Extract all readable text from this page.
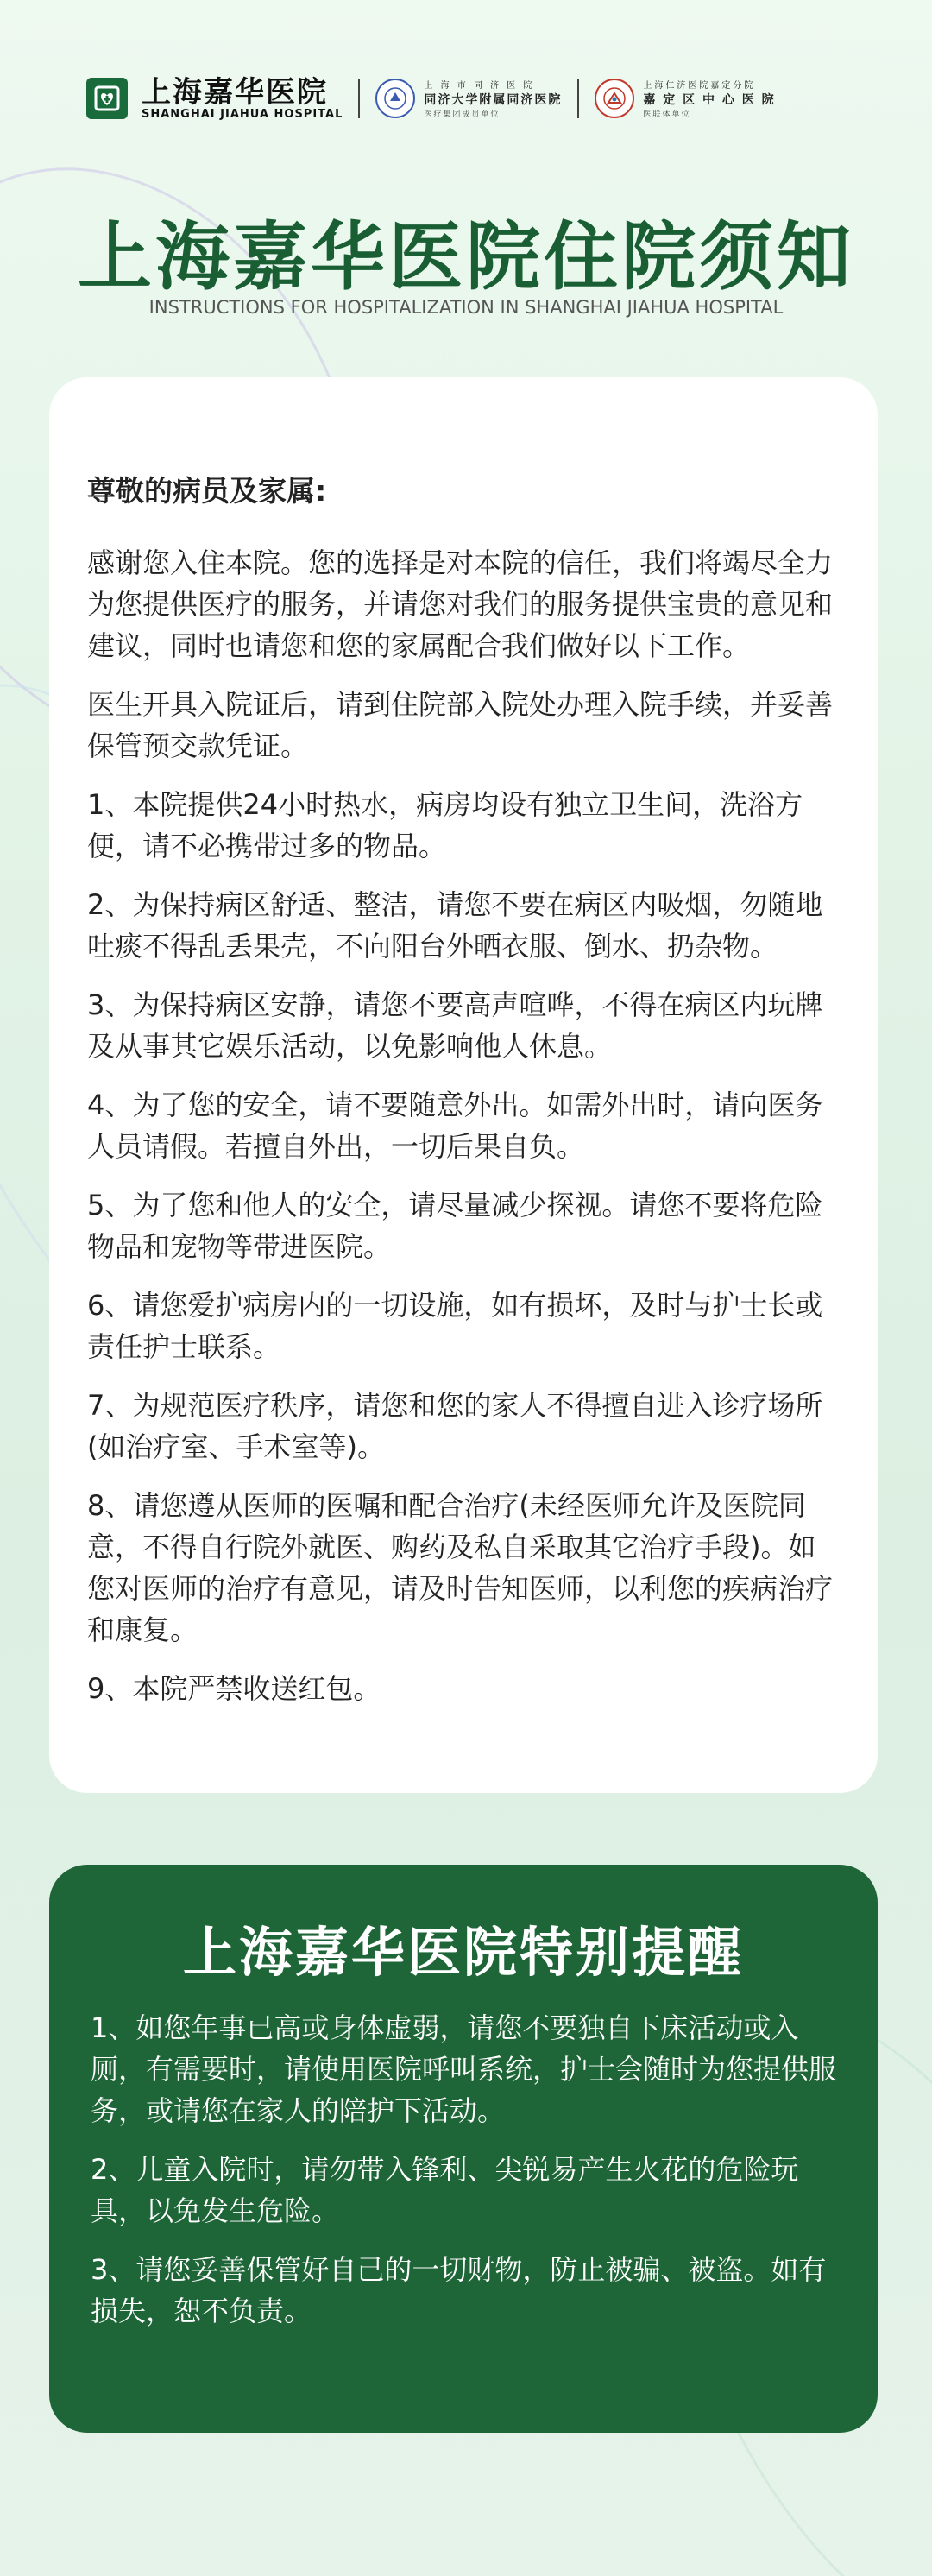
上海嘉华医院
SHANGHAI JIAHUA HOSPITAL
上 海 市 同 济 医 院
同济大学附属同济医院
医疗集团成员单位
上海仁济医院嘉定分院
嘉 定 区 中 心 医 院
医联体单位
上海嘉华医院住院须知
INSTRUCTIONS FOR HOSPITALIZATION IN SHANGHAI JIAHUA HOSPITAL

尊敬的病员及家属:

感谢您入住本院。您的选择是对本院的信任，我们将竭尽全力为您提供医疗的服务，并请您对我们的服务提供宝贵的意见和建议，同时也请您和您的家属配合我们做好以下工作。

医生开具入院证后，请到住院部入院处办理入院手续，并妥善保管预交款凭证。

1、本院提供24小时热水，病房均设有独立卫生间，洗浴方便，请不必携带过多的物品。

2、为保持病区舒适、整洁，请您不要在病区内吸烟，勿随地吐痰不得乱丢果壳，不向阳台外晒衣服、倒水、扔杂物。

3、为保持病区安静，请您不要高声喧哗，不得在病区内玩牌及从事其它娱乐活动，以免影响他人休息。

4、为了您的安全，请不要随意外出。如需外出时，请向医务人员请假。若擅自外出，一切后果自负。

5、为了您和他人的安全，请尽量减少探视。请您不要将危险物品和宠物等带进医院。

6、请您爱护病房内的一切设施，如有损坏，及时与护士长或责任护士联系。

7、为规范医疗秩序，请您和您的家人不得擅自进入诊疗场所(如治疗室、手术室等)。

8、请您遵从医师的医嘱和配合治疗(未经医师允许及医院同意，不得自行院外就医、购药及私自采取其它治疗手段)。如您对医师的治疗有意见，请及时告知医师，以利您的疾病治疗和康复。

9、本院严禁收送红包。

上海嘉华医院特别提醒

1、如您年事已高或身体虚弱，请您不要独自下床活动或入厕，有需要时，请使用医院呼叫系统，护士会随时为您提供服务，或请您在家人的陪护下活动。

2、儿童入院时，请勿带入锋利、尖锐易产生火花的危险玩具，以免发生危险。

3、请您妥善保管好自己的一切财物，防止被骗、被盗。如有损失，恕不负责。
